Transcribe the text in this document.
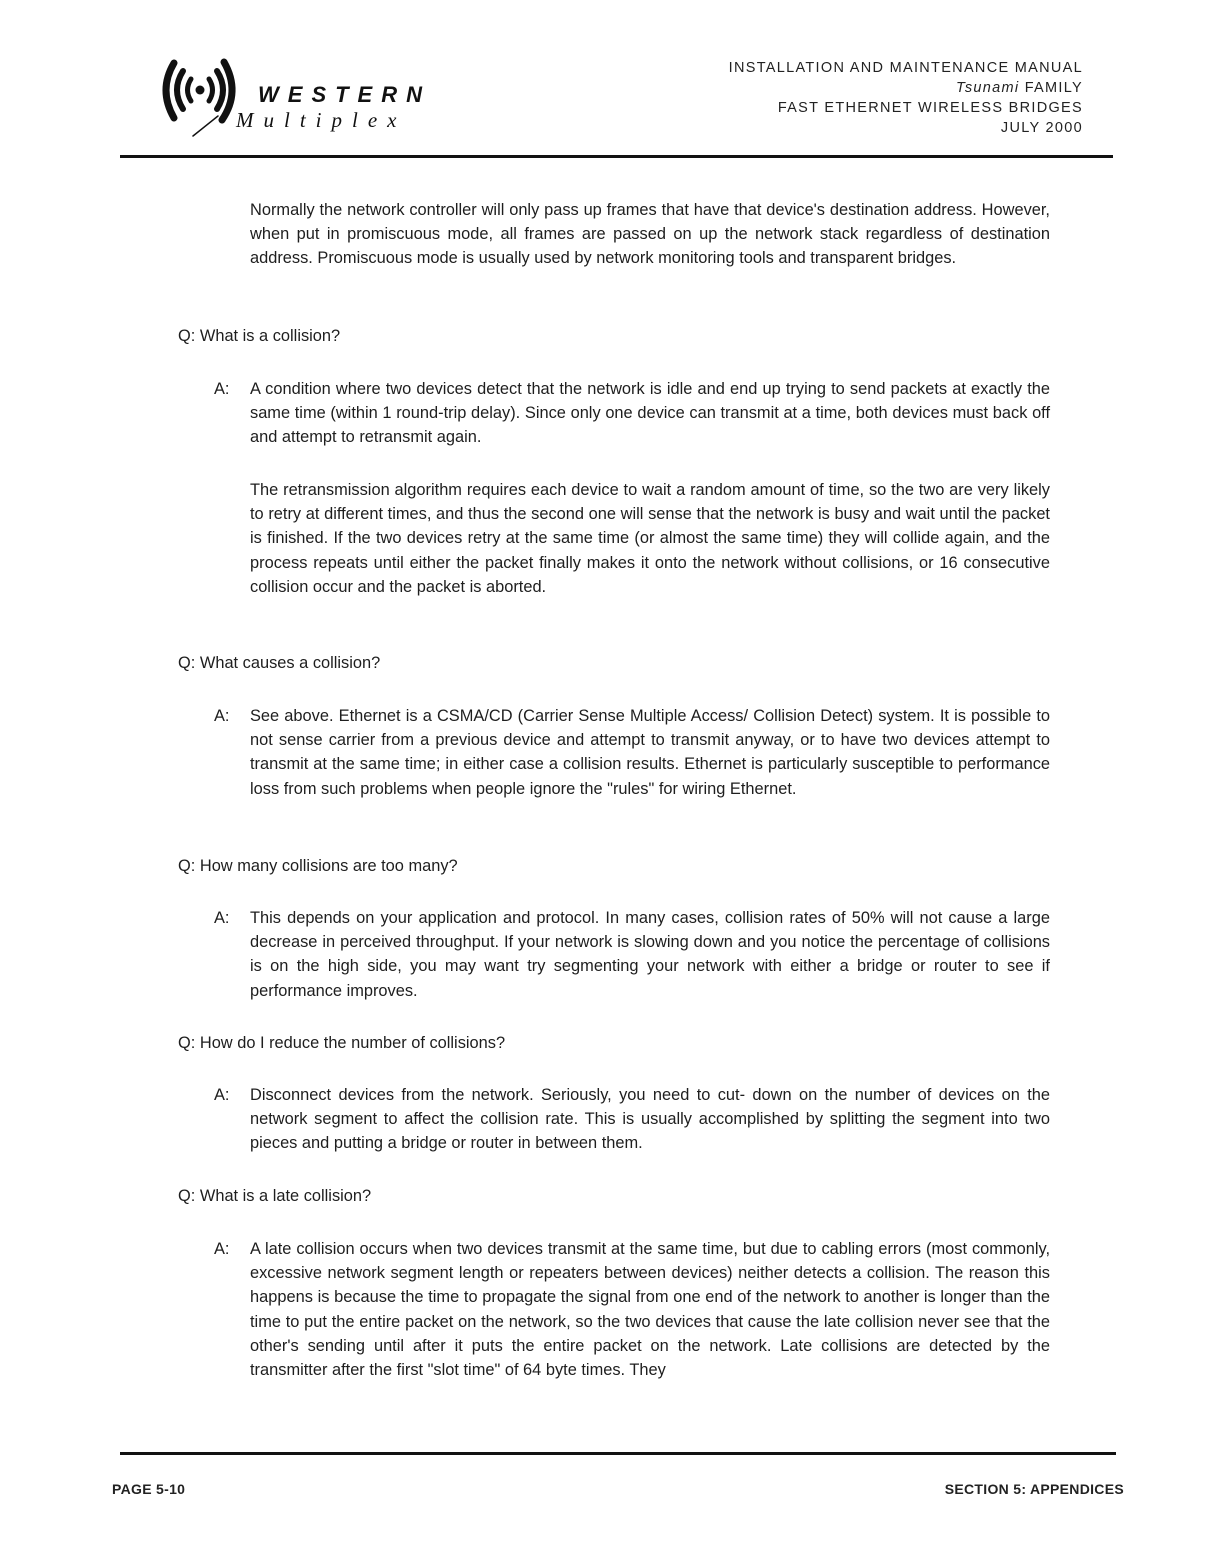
WESTERN
Multiplex
INSTALLATION AND MAINTENANCE MANUAL
Tsunami FAMILY
FAST ETHERNET WIRELESS BRIDGES
JULY 2000
Normally the network controller will only pass up frames that have that device's destination address. However, when put in promiscuous mode, all frames are passed on up the network stack regardless of destination address. Promiscuous mode is usually used by network monitoring tools and transparent bridges.
Q: What is a collision?
A:	A condition where two devices detect that the network is idle and end up trying to send packets at exactly the same time (within 1 round-trip delay). Since only one device can transmit at a time, both devices must back off and attempt to retransmit again.
The retransmission algorithm requires each device to wait a random amount of time, so the two are very likely to retry at different times, and thus the second one will sense that the network is busy and wait until the packet is finished. If the two devices retry at the same time (or almost the same time) they will collide again, and the process repeats until either the packet finally makes it onto the network without collisions, or 16 consecutive collision occur and the packet is aborted.
Q: What causes a collision?
A:	See above. Ethernet is a CSMA/CD (Carrier Sense Multiple Access/ Collision Detect) system. It is possible to not sense carrier from a previous device and attempt to transmit anyway, or to have two devices attempt to transmit at the same time; in either case a collision results. Ethernet is particularly susceptible to performance loss from such problems when people ignore the "rules" for wiring Ethernet.
Q: How many collisions are too many?
A:	This depends on your application and protocol. In many cases, collision rates of 50% will not cause a large decrease in perceived throughput. If your network is slowing down and you notice the percentage of collisions is on the high side, you may want try segmenting your network with either a bridge or router to see if performance improves.
Q: How do I reduce the number of collisions?
A:	Disconnect devices from the network. Seriously, you need to cut- down on the number of devices on the network segment to affect the collision rate. This is usually accomplished by splitting the segment into two pieces and putting a bridge or router in between them.
Q: What is a late collision?
A:	A late collision occurs when two devices transmit at the same time, but due to cabling errors (most commonly, excessive network segment length or repeaters between devices) neither detects a collision. The reason this happens is because the time to propagate the signal from one end of the network to another is longer than the time to put the entire packet on the network, so the two devices that cause the late collision never see that the other's sending until after it puts the entire packet on the network. Late collisions are detected by the transmitter after the first "slot time" of 64 byte times. They
PAGE 5-10	SECTION 5: APPENDICES
